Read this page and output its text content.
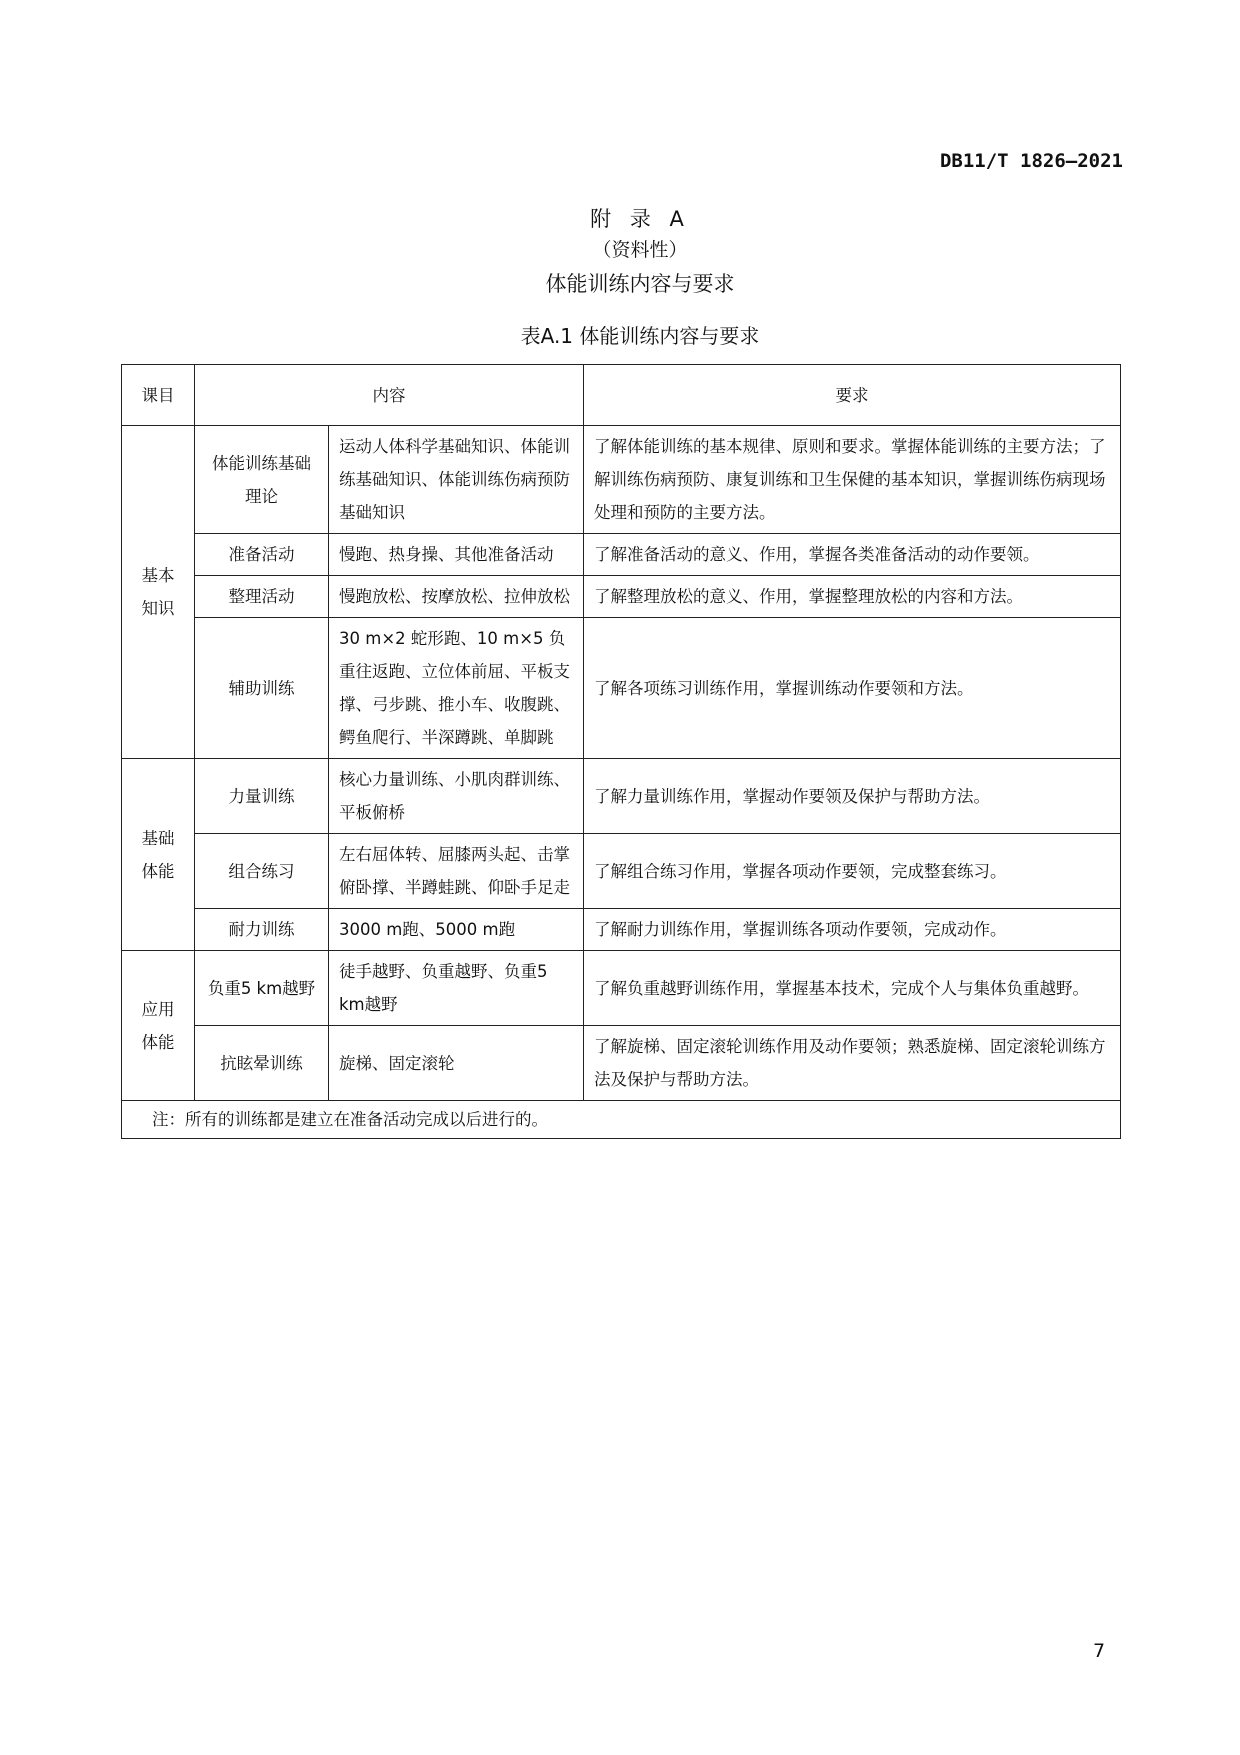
DB11/T 1826—2021
附 录 A
（资料性）
体能训练内容与要求
表A.1 体能训练内容与要求
课目	内容		要求
基本
知识	体能训练基础理论	运动人体科学基础知识、体能训练基础知识、体能训练伤病预防基础知识	了解体能训练的基本规律、原则和要求。掌握体能训练的主要方法；了解训练伤病预防、康复训练和卫生保健的基本知识，掌握训练伤病现场处理和预防的主要方法。
	准备活动	慢跑、热身操、其他准备活动	了解准备活动的意义、作用，掌握各类准备活动的动作要领。
	整理活动	慢跑放松、按摩放松、拉伸放松	了解整理放松的意义、作用，掌握整理放松的内容和方法。
	辅助训练	30 m×2 蛇形跑、10 m×5 负重往返跑、立位体前屈、平板支撑、弓步跳、推小车、收腹跳、鳄鱼爬行、半深蹲跳、单脚跳	了解各项练习训练作用，掌握训练动作要领和方法。
基础
体能	力量训练	核心力量训练、小肌肉群训练、平板俯桥	了解力量训练作用，掌握动作要领及保护与帮助方法。
	组合练习	左右屈体转、屈膝两头起、击掌俯卧撑、半蹲蛙跳、仰卧手足走	了解组合练习作用，掌握各项动作要领，完成整套练习。
	耐力训练	3000 m跑、5000 m跑	了解耐力训练作用，掌握训练各项动作要领，完成动作。
应用
体能	负重5 km越野	徒手越野、负重越野、负重5 km越野	了解负重越野训练作用，掌握基本技术，完成个人与集体负重越野。
	抗眩晕训练	旋梯、固定滚轮	了解旋梯、固定滚轮训练作用及动作要领；熟悉旋梯、固定滚轮训练方法及保护与帮助方法。
注：所有的训练都是建立在准备活动完成以后进行的。			
7
